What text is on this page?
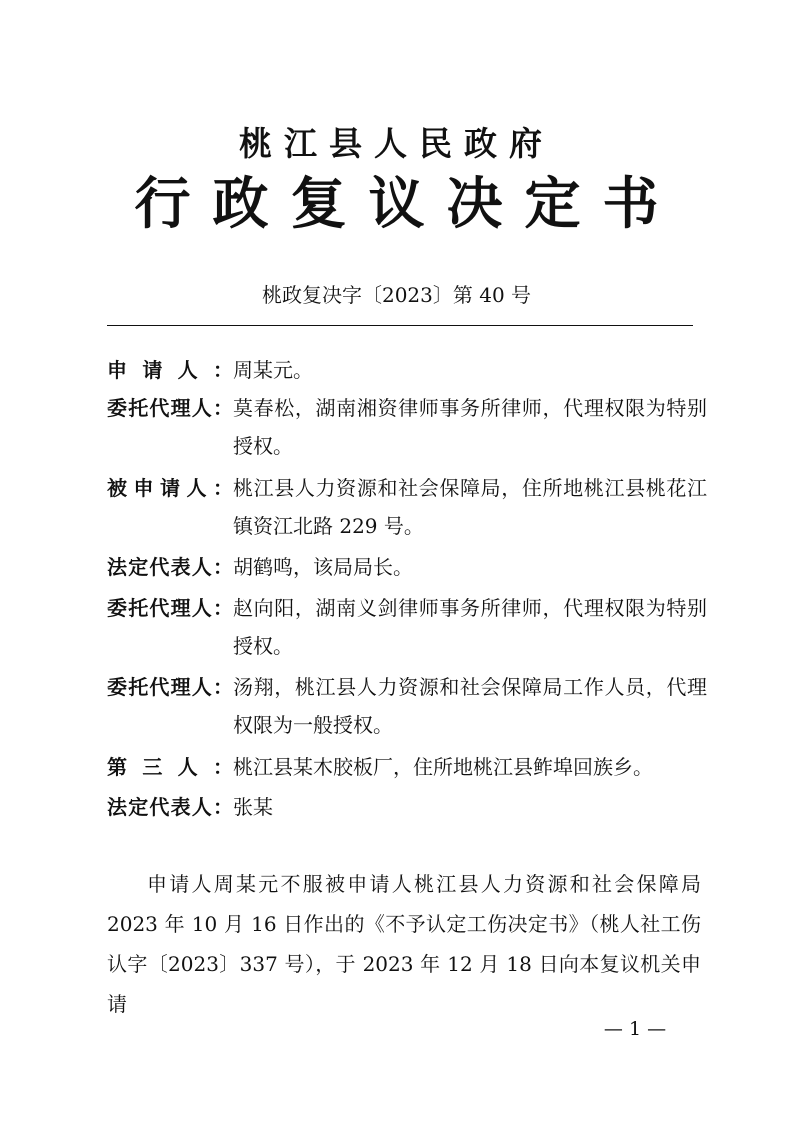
桃江县人民政府
行政复议决定书
桃政复决字〔2023〕第 40 号
申请人： 周某元。
委托代理人： 莫春松，湖南湘资律师事务所律师，代理权限为特别授权。
被申请人： 桃江县人力资源和社会保障局，住所地桃江县桃花江镇资江北路 229 号。
法定代表人： 胡鹤鸣，该局局长。
委托代理人： 赵向阳，湖南义剑律师事务所律师，代理权限为特别授权。
委托代理人： 汤翔，桃江县人力资源和社会保障局工作人员，代理权限为一般授权。
第三人： 桃江县某木胶板厂，住所地桃江县鲊埠回族乡。
法定代表人： 张某

申请人周某元不服被申请人桃江县人力资源和社会保障局 2023 年 10 月 16 日作出的《不予认定工伤决定书》（桃人社工伤认字〔2023〕337 号），于 2023 年 12 月 18 日向本复议机关申请

— 1 —
